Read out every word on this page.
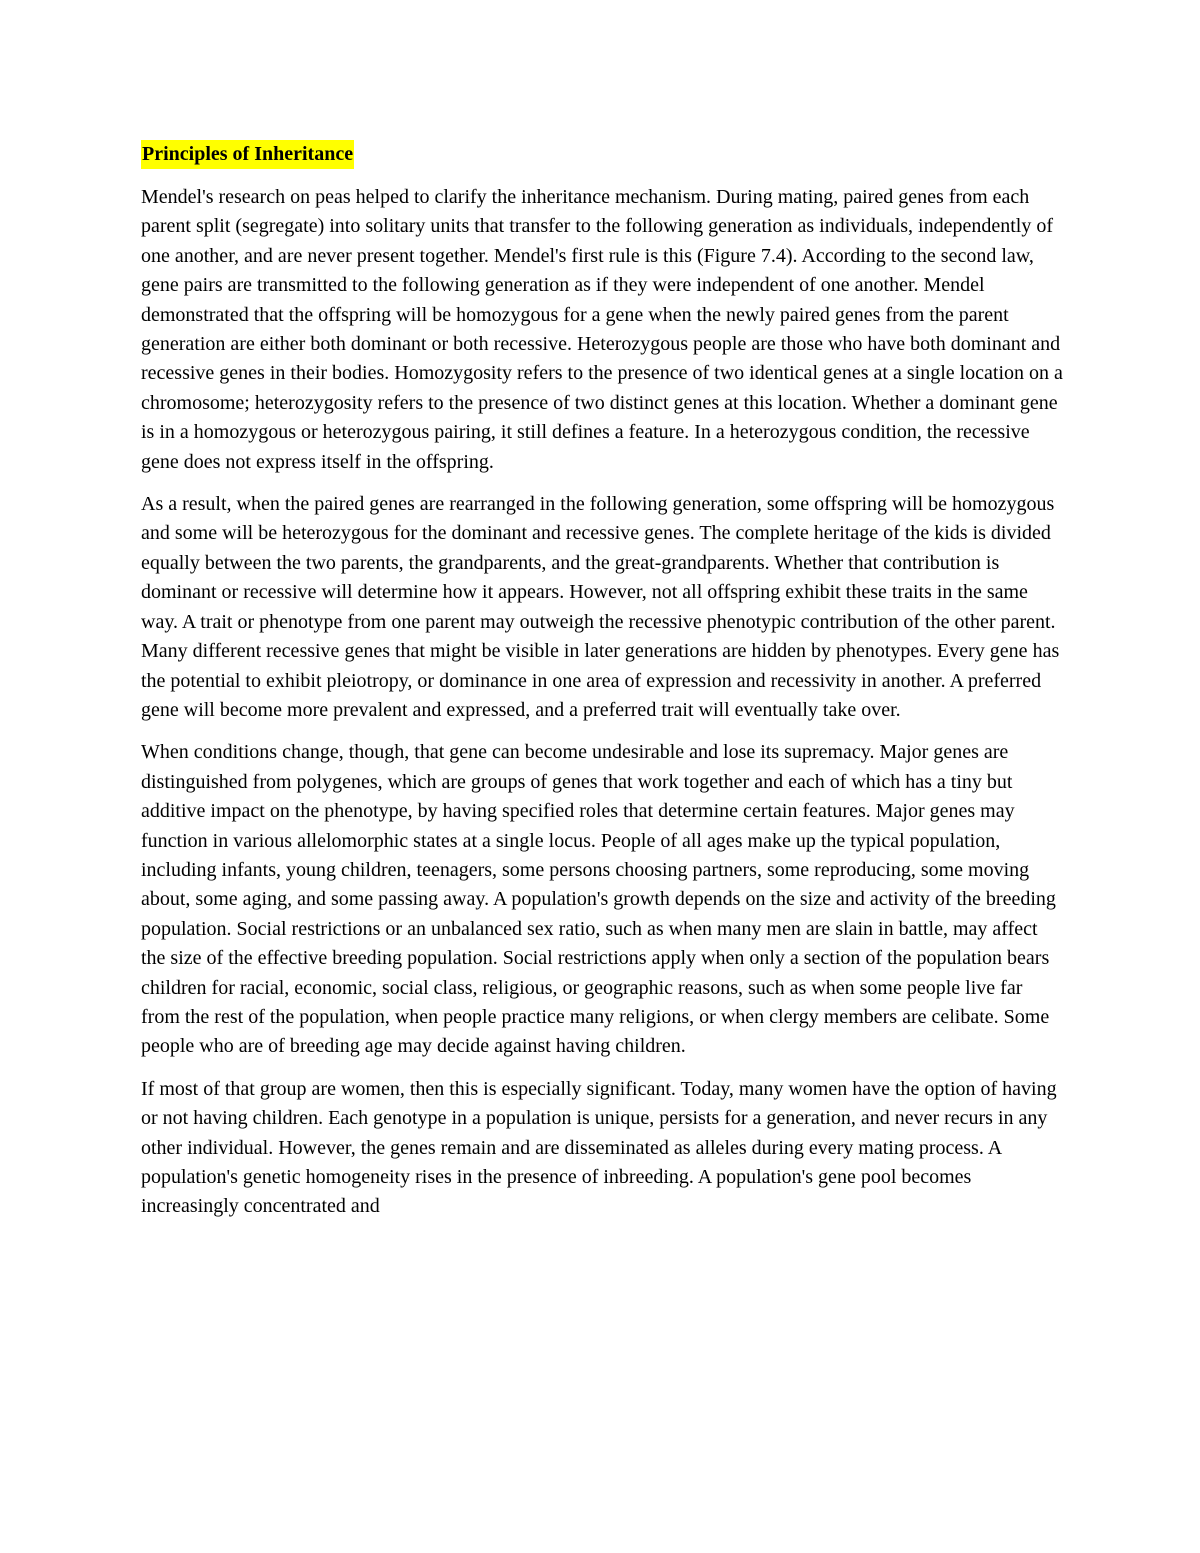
Principles of Inheritance

Mendel's research on peas helped to clarify the inheritance mechanism. During mating, paired genes from each parent split (segregate) into solitary units that transfer to the following generation as individuals, independently of one another, and are never present together. Mendel's first rule is this (Figure 7.4). According to the second law, gene pairs are transmitted to the following generation as if they were independent of one another. Mendel demonstrated that the offspring will be homozygous for a gene when the newly paired genes from the parent generation are either both dominant or both recessive. Heterozygous people are those who have both dominant and recessive genes in their bodies. Homozygosity refers to the presence of two identical genes at a single location on a chromosome; heterozygosity refers to the presence of two distinct genes at this location. Whether a dominant gene is in a homozygous or heterozygous pairing, it still defines a feature. In a heterozygous condition, the recessive gene does not express itself in the offspring.

As a result, when the paired genes are rearranged in the following generation, some offspring will be homozygous and some will be heterozygous for the dominant and recessive genes. The complete heritage of the kids is divided equally between the two parents, the grandparents, and the great-grandparents. Whether that contribution is dominant or recessive will determine how it appears. However, not all offspring exhibit these traits in the same way. A trait or phenotype from one parent may outweigh the recessive phenotypic contribution of the other parent. Many different recessive genes that might be visible in later generations are hidden by phenotypes. Every gene has the potential to exhibit pleiotropy, or dominance in one area of expression and recessivity in another. A preferred gene will become more prevalent and expressed, and a preferred trait will eventually take over.

When conditions change, though, that gene can become undesirable and lose its supremacy. Major genes are distinguished from polygenes, which are groups of genes that work together and each of which has a tiny but additive impact on the phenotype, by having specified roles that determine certain features. Major genes may function in various allelomorphic states at a single locus. People of all ages make up the typical population, including infants, young children, teenagers, some persons choosing partners, some reproducing, some moving about, some aging, and some passing away. A population's growth depends on the size and activity of the breeding population. Social restrictions or an unbalanced sex ratio, such as when many men are slain in battle, may affect the size of the effective breeding population. Social restrictions apply when only a section of the population bears children for racial, economic, social class, religious, or geographic reasons, such as when some people live far from the rest of the population, when people practice many religions, or when clergy members are celibate. Some people who are of breeding age may decide against having children.

If most of that group are women, then this is especially significant. Today, many women have the option of having or not having children. Each genotype in a population is unique, persists for a generation, and never recurs in any other individual. However, the genes remain and are disseminated as alleles during every mating process. A population's genetic homogeneity rises in the presence of inbreeding. A population's gene pool becomes increasingly concentrated and
